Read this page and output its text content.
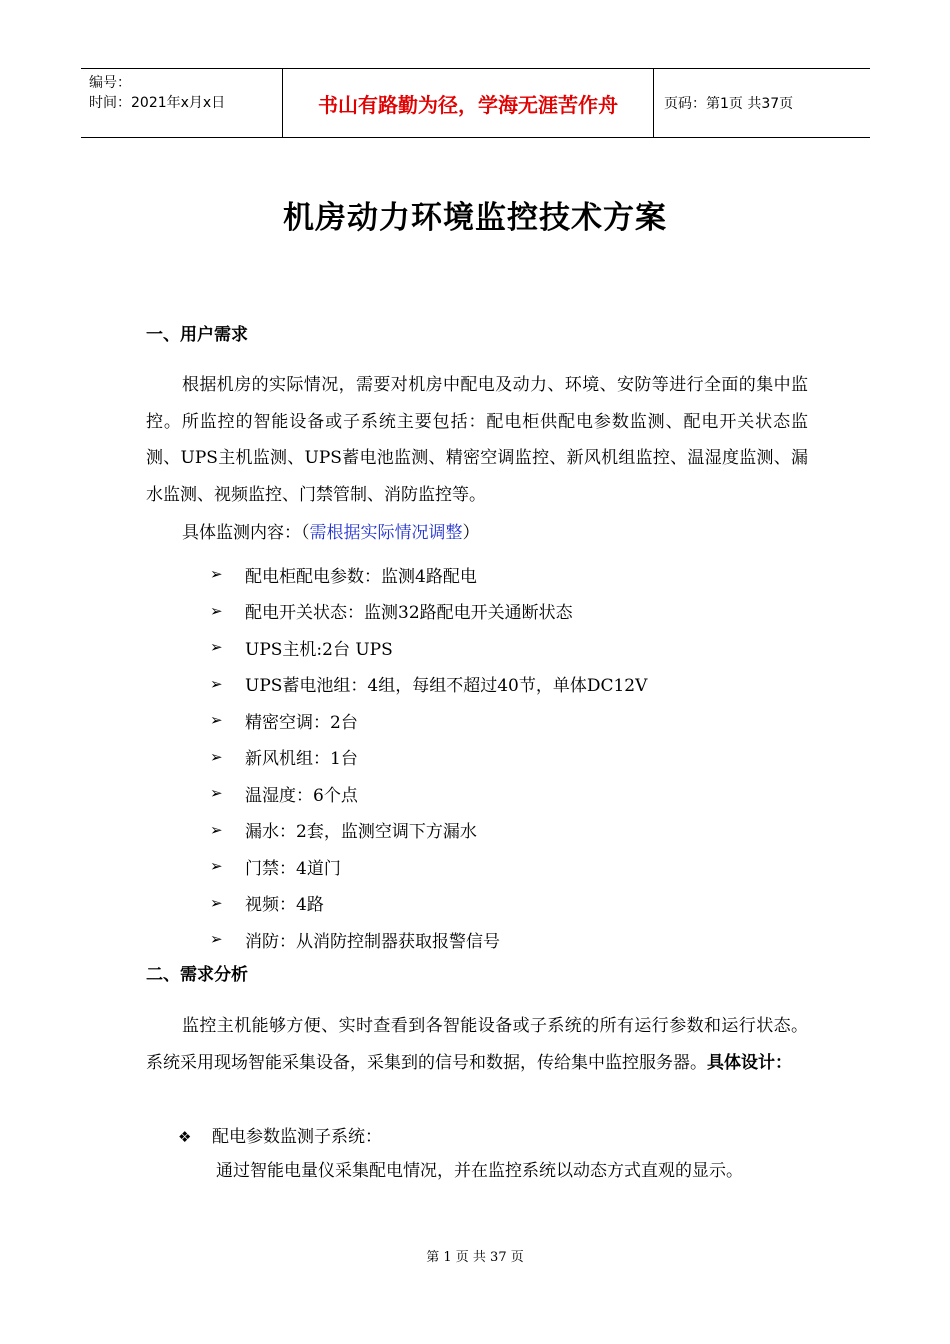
编号：
时间：2021年x月x日	书山有路勤为径，学海无涯苦作舟	页码：第1页 共37页
机房动力环境监控技术方案
一、用户需求

根据机房的实际情况，需要对机房中配电及动力、环境、安防等进行全面的集中监控。所监控的智能设备或子系统主要包括：配电柜供配电参数监测、配电开关状态监测、UPS主机监测、UPS蓄电池监测、精密空调监控、新风机组监控、温湿度监测、漏水监测、视频监控、门禁管制、消防监控等。

具体监测内容：（需根据实际情况调整）
➢	配电柜配电参数：监测4路配电
➢	配电开关状态：监测32路配电开关通断状态
➢	UPS主机:2台 UPS
➢	UPS蓄电池组：4组，每组不超过40节，单体DC12V
➢	精密空调：2台
➢	新风机组：1台
➢	温湿度：6个点
➢	漏水：2套，监测空调下方漏水
➢	门禁：4道门
➢	视频：4路
➢	消防：从消防控制器获取报警信号
二、需求分析

监控主机能够方便、实时查看到各智能设备或子系统的所有运行参数和运行状态。系统采用现场智能采集设备，采集到的信号和数据，传给集中监控服务器。具体设计：

❖ 配电参数监测子系统：

通过智能电量仪采集配电情况，并在监控系统以动态方式直观的显示。

第 1 页 共 37 页
